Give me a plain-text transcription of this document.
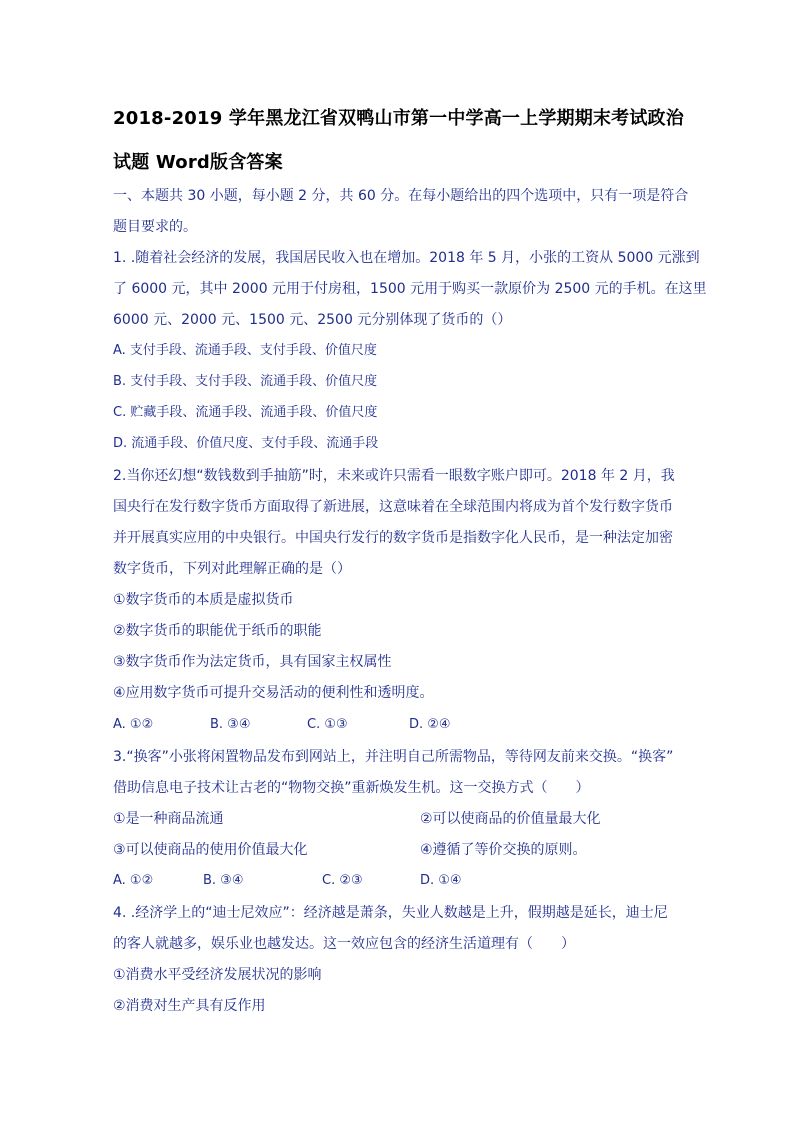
2018-2019 学年黑龙江省双鸭山市第一中学高一上学期期末考试政治
试题 Word版含答案
一、本题共 30 小题，每小题 2 分，共 60 分。在每小题给出的四个选项中，只有一项是符合
题目要求的。
1. .随着社会经济的发展，我国居民收入也在增加。2018 年 5 月，小张的工资从 5000 元涨到
了 6000 元，其中 2000 元用于付房租，1500 元用于购买一款原价为 2500 元的手机。在这里
6000 元、2000 元、1500 元、2500 元分别体现了货币的（）
A. 支付手段、流通手段、支付手段、价值尺度
B. 支付手段、支付手段、流通手段、价值尺度
C. 贮藏手段、流通手段、流通手段、价值尺度
D. 流通手段、价值尺度、支付手段、流通手段
2.当你还幻想“数钱数到手抽筋”时，未来或许只需看一眼数字账户即可。2018 年 2 月，我
国央行在发行数字货币方面取得了新进展，这意味着在全球范围内将成为首个发行数字货币
并开展真实应用的中央银行。中国央行发行的数字货币是指数字化人民币，是一种法定加密
数字货币，下列对此理解正确的是（）
①数字货币的本质是虚拟货币
②数字货币的职能优于纸币的职能
③数字货币作为法定货币，具有国家主权属性
④应用数字货币可提升交易活动的便利性和透明度。
A. ①②	B. ③④	C. ①③	D. ②④
3.“换客”小张将闲置物品发布到网站上，并注明自己所需物品，等待网友前来交换。“换客”
借助信息电子技术让古老的“物物交换”重新焕发生机。这一交换方式（　　）
①是一种商品流通	②可以使商品的价值量最大化
③可以使商品的使用价值最大化	④遵循了等价交换的原则。
A. ①②	B. ③④	C. ②③	D. ①④
4. .经济学上的“迪士尼效应”：经济越是萧条，失业人数越是上升，假期越是延长，迪士尼
的客人就越多，娱乐业也越发达。这一效应包含的经济生活道理有（　　）
①消费水平受经济发展状况的影响
②消费对生产具有反作用
